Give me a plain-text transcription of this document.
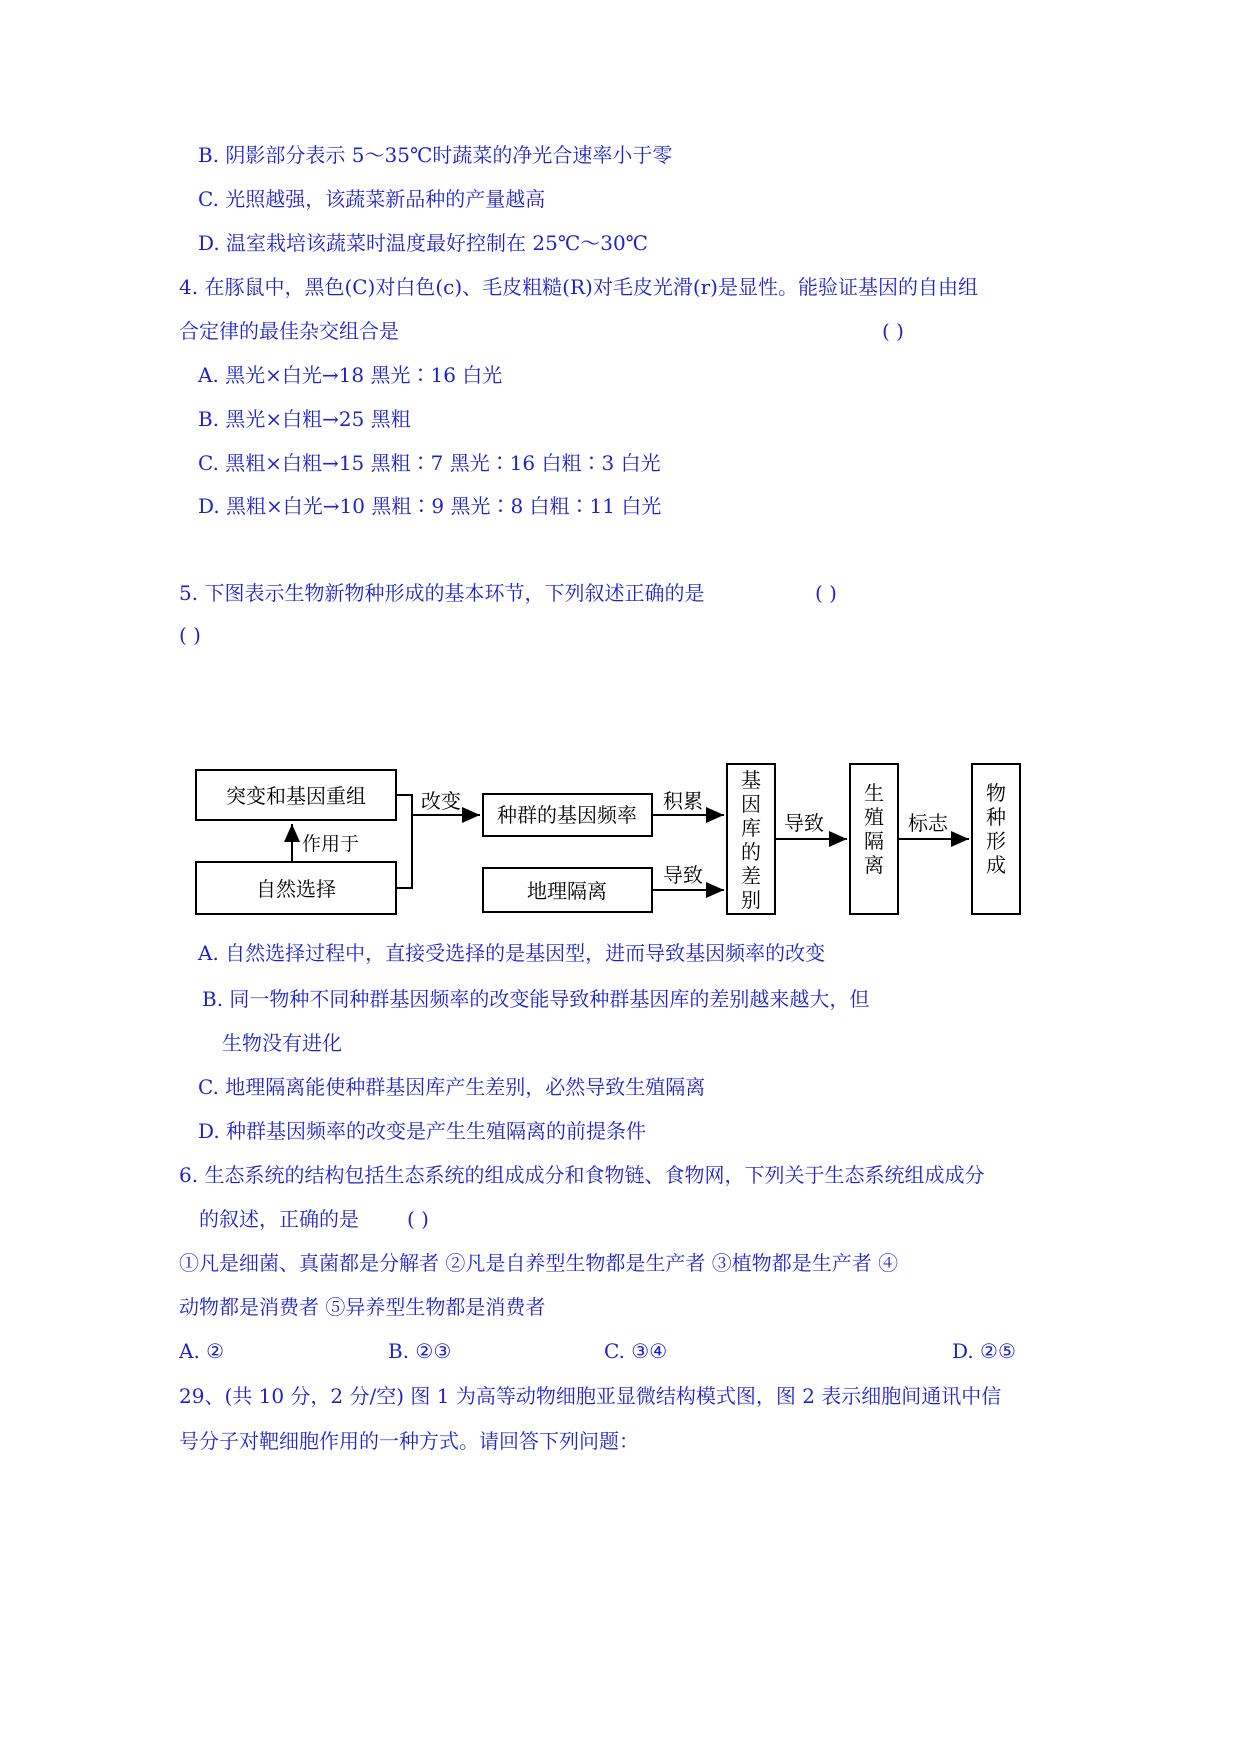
B. 阴影部分表示 5～35℃时蔬菜的净光合速率小于零
C. 光照越强，该蔬菜新品种的产量越高
D. 温室栽培该蔬菜时温度最好控制在 25℃～30℃
4. 在豚鼠中，黑色(C)对白色(c)、毛皮粗糙(R)对毛皮光滑(r)是显性。能验证基因的自由组
合定律的最佳杂交组合是	( )
A. 黑光×白光→18 黑光∶16 白光
B. 黑光×白粗→25 黑粗
C. 黑粗×白粗→15 黑粗∶7 黑光∶16 白粗∶3 白光
D. 黑粗×白光→10 黑粗∶9 黑光∶8 白粗∶11 白光
5. 下图表示生物新物种形成的基本环节，下列叙述正确的是	( )
( )
突变和基因重组
自然选择
作用于
改变
种群的基因频率
积累
地理隔离
导致
导致	标志
基
因
库
的
差
别
生
殖
隔
离
物
种
形
成
A. 自然选择过程中，直接受选择的是基因型，进而导致基因频率的改变
B. 同一物种不同种群基因频率的改变能导致种群基因库的差别越来越大，但
生物没有进化
C. 地理隔离能使种群基因库产生差别，必然导致生殖隔离
D. 种群基因频率的改变是产生生殖隔离的前提条件
6. 生态系统的结构包括生态系统的组成成分和食物链、食物网，下列关于生态系统组成成分
的叙述，正确的是 ( )
①凡是细菌、真菌都是分解者 ②凡是自养型生物都是生产者 ③植物都是生产者 ④
动物都是消费者 ⑤异养型生物都是消费者
A. ②	B. ②③	C. ③④	D. ②⑤
29、(共 10 分，2 分/空) 图 1 为高等动物细胞亚显微结构模式图，图 2 表示细胞间通讯中信
号分子对靶细胞作用的一种方式。请回答下列问题：
